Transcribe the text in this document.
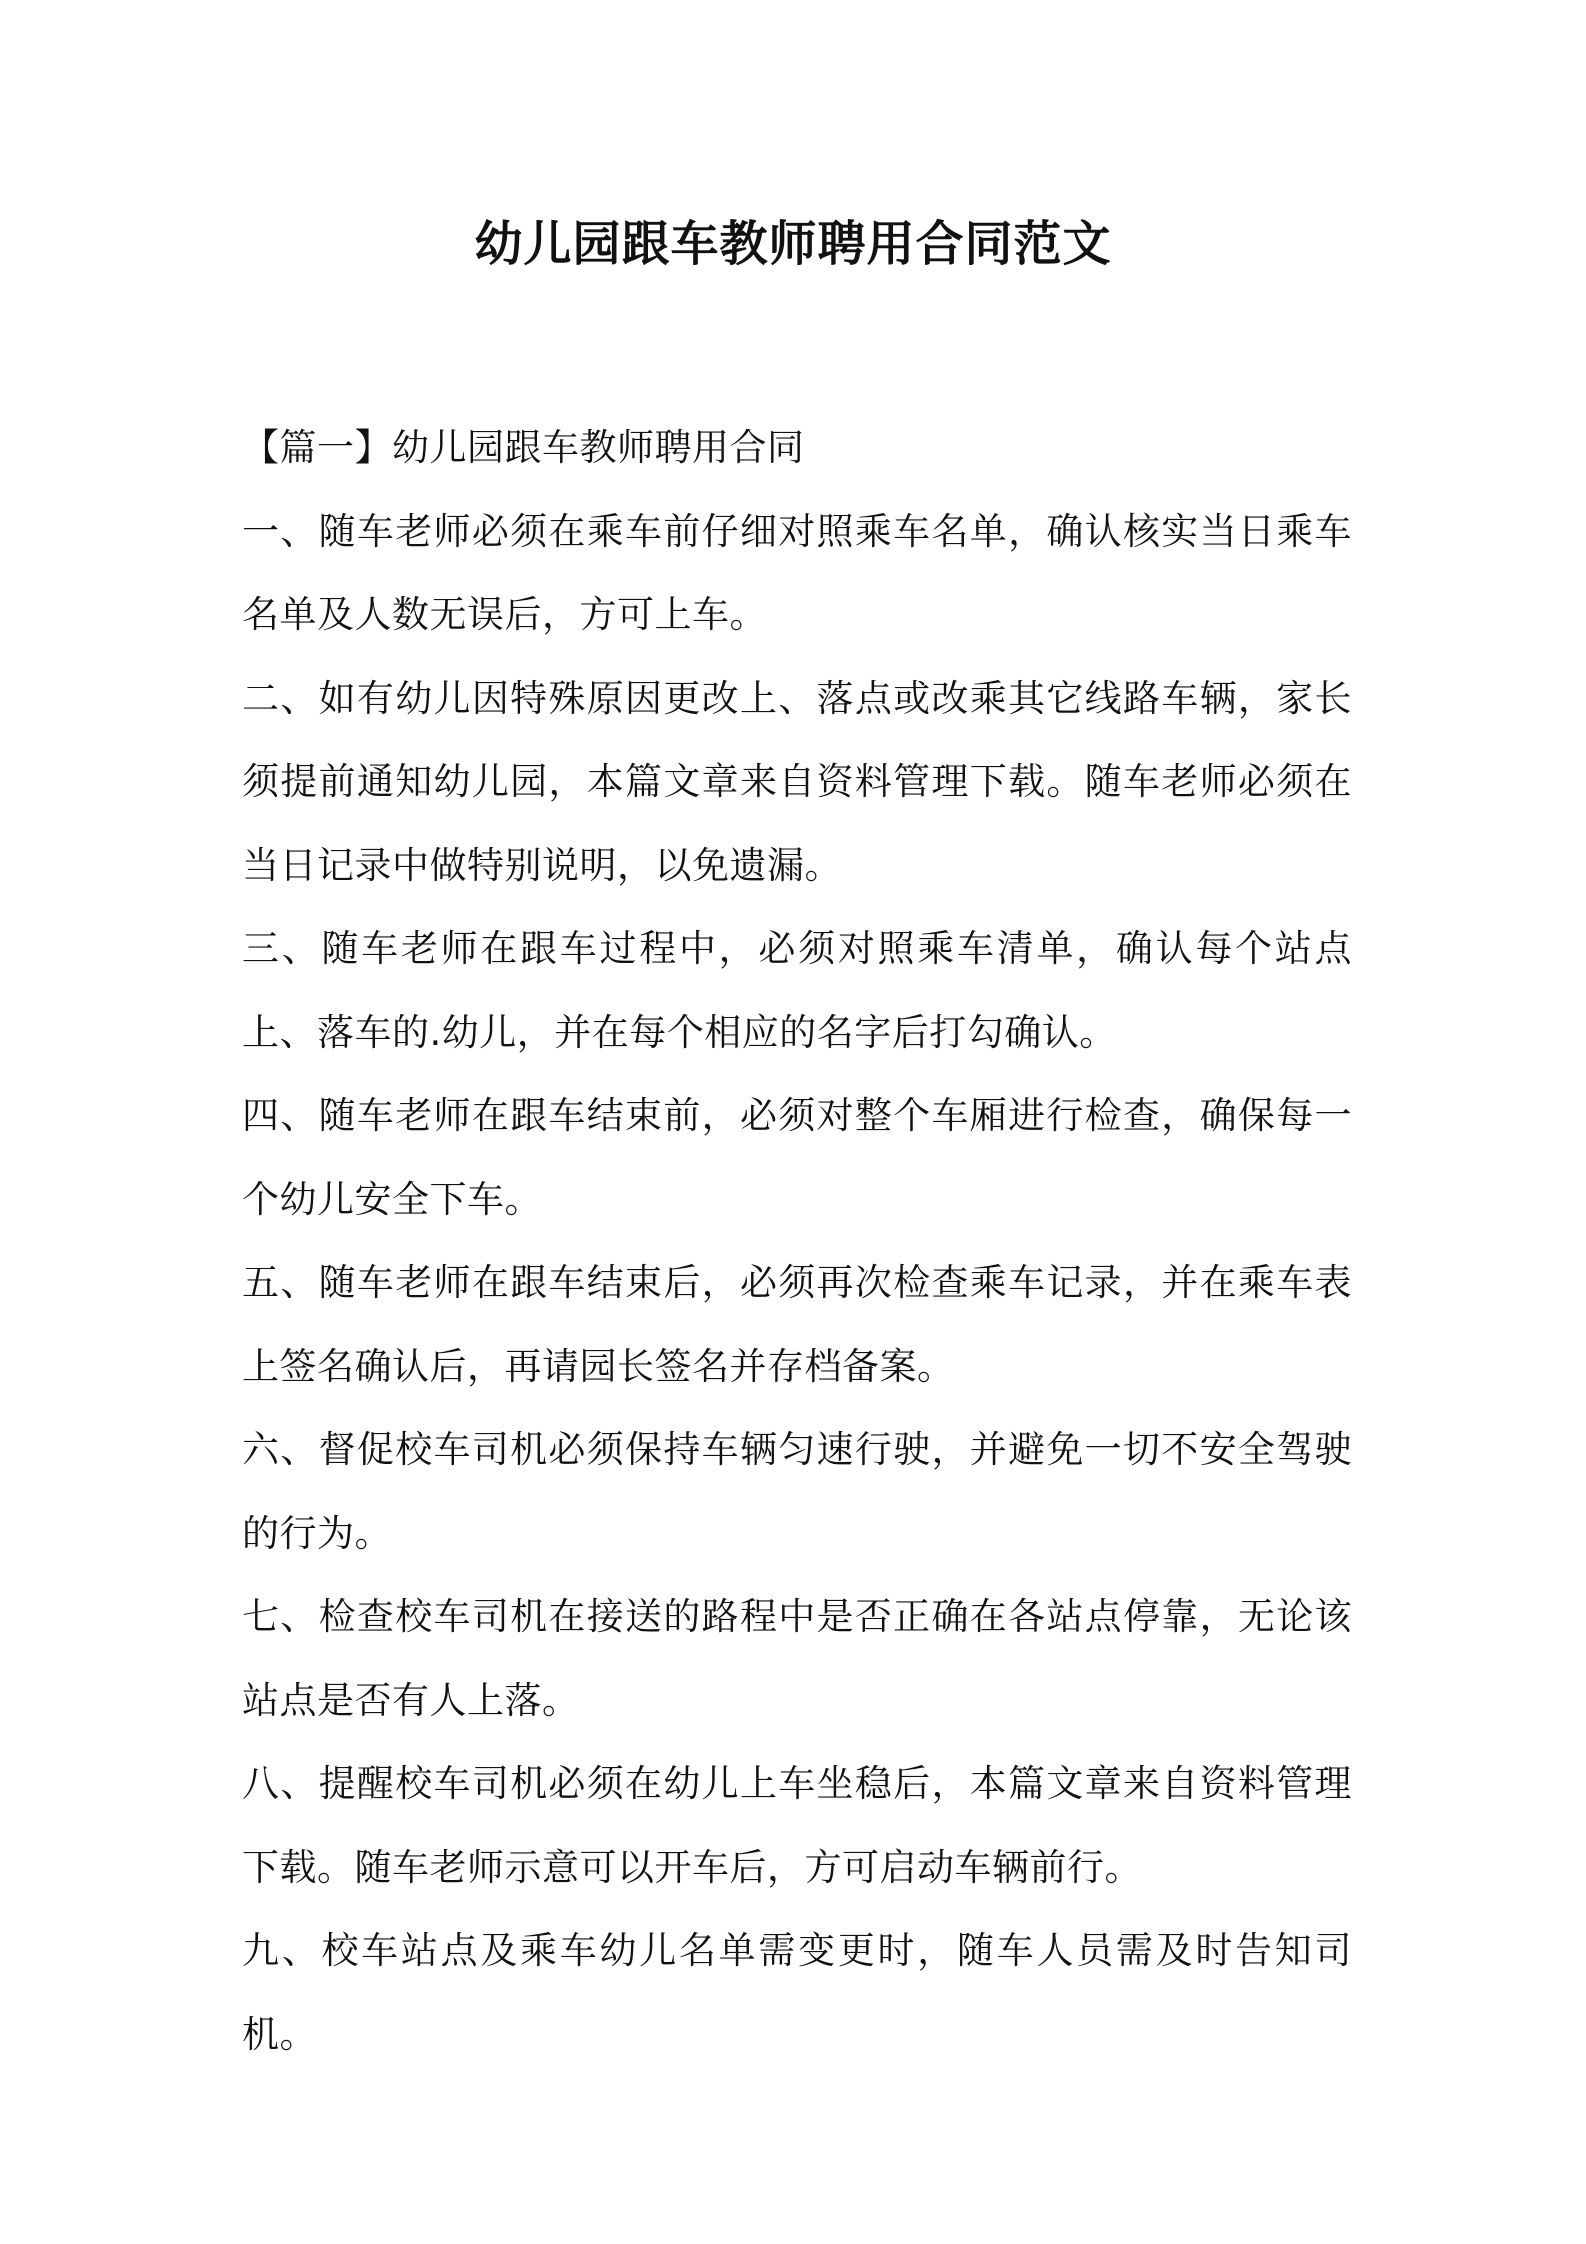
幼儿园跟车教师聘用合同范文

【篇一】幼儿园跟车教师聘用合同

一、随车老师必须在乘车前仔细对照乘车名单，确认核实当日乘车名单及人数无误后，方可上车。

二、如有幼儿因特殊原因更改上、落点或改乘其它线路车辆，家长须提前通知幼儿园，本篇文章来自资料管理下载。随车老师必须在当日记录中做特别说明，以免遗漏。

三、随车老师在跟车过程中，必须对照乘车清单，确认每个站点上、落车的.幼儿，并在每个相应的名字后打勾确认。

四、随车老师在跟车结束前，必须对整个车厢进行检查，确保每一个幼儿安全下车。

五、随车老师在跟车结束后，必须再次检查乘车记录，并在乘车表上签名确认后，再请园长签名并存档备案。

六、督促校车司机必须保持车辆匀速行驶，并避免一切不安全驾驶的行为。

七、检查校车司机在接送的路程中是否正确在各站点停靠，无论该站点是否有人上落。

八、提醒校车司机必须在幼儿上车坐稳后，本篇文章来自资料管理下载。随车老师示意可以开车后，方可启动车辆前行。

九、校车站点及乘车幼儿名单需变更时，随车人员需及时告知司机。
